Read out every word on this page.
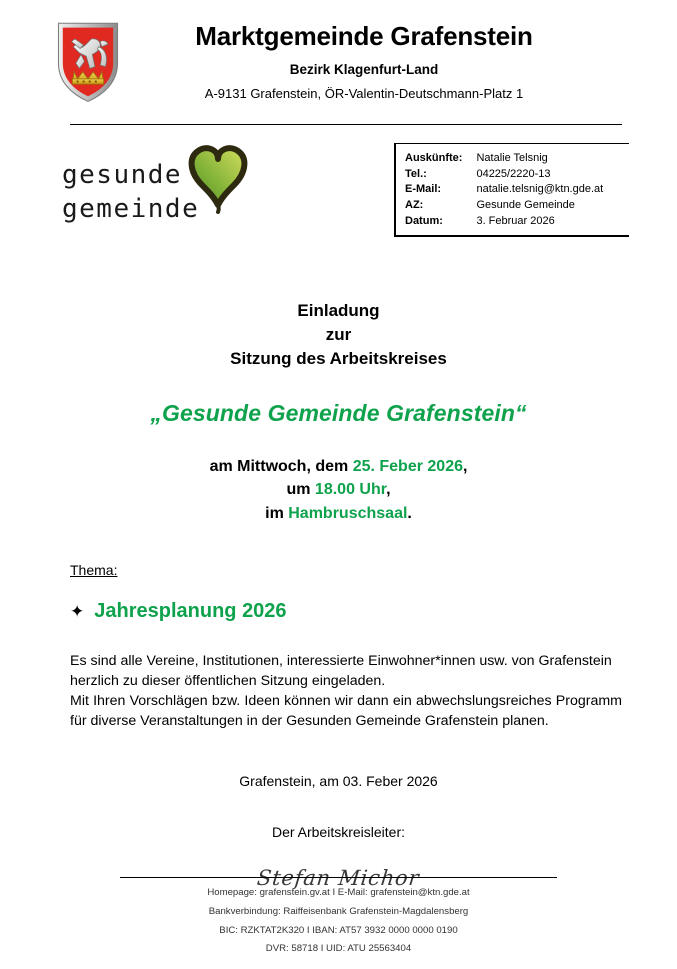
Marktgemeinde Grafenstein
Bezirk Klagenfurt-Land
A-9131 Grafenstein, ÖR-Valentin-Deutschmann-Platz 1
gesunde
gemeinde
Auskünfte:	Natalie Telsnig
Tel.:	04225/2220-13
E-Mail:	natalie.telsnig@ktn.gde.at
AZ:	Gesunde Gemeinde
Datum:	3. Februar 2026
Einladung
zur
Sitzung des Arbeitskreises
„Gesunde Gemeinde Grafenstein“
am Mittwoch, dem 25. Feber 2026,
um 18.00 Uhr,
im Hambruschsaal.
Thema:
✦ Jahresplanung 2026

Es sind alle Vereine, Institutionen, interessierte Einwohner*innen usw. von Grafenstein herzlich zu dieser öffentlichen Sitzung eingeladen.

Mit Ihren Vorschlägen bzw. Ideen können wir dann ein abwechslungsreiches Programm für diverse Veranstaltungen in der Gesunden Gemeinde Grafenstein planen.

Grafenstein, am 03. Feber 2026
Der Arbeitskreisleiter:
Stefan Michor
Homepage: grafenstein.gv.at I E-Mail: grafenstein@ktn.gde.at
Bankverbindung: Raiffeisenbank Grafenstein-Magdalensberg
BIC: RZKTAT2K320 I IBAN: AT57 3932 0000 0000 0190
DVR: 58718 I UID: ATU 25563404
